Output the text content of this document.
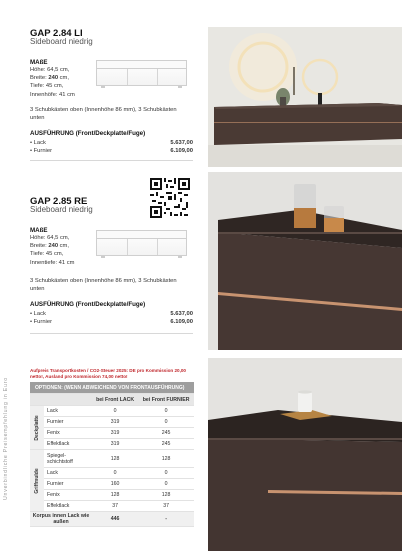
Unverbindliche Preisempfehlung in Euro
GAP 2.84 LI
Sideboard niedrig
MAßE
Höhe: 64,5 cm,
Breite: 240 cm,
Tiefe: 45 cm,
Innenhöfe: 41 cm
3 Schubkästen oben (Innenhöhe 86 mm), 3 Schubkästen unten
AUSFÜHRUNG (Front/Deckplatte/Fuge)
• Lack	5.637,00
• Furnier	6.109,00
GAP 2.85 RE
Sideboard niedrig
MAßE
Höhe: 64,5 cm,
Breite: 240 cm,
Tiefe: 45 cm,
Innentiefe: 41 cm
3 Schubkästen oben (Innenhöhe 86 mm), 3 Schubkästen unten
AUSFÜHRUNG (Front/Deckplatte/Fuge)
• Lack	5.637,00
• Furnier	6.109,00
Aufpreis Transportkosten / CO2-Steuer 2025: DE pro Kommission 20,00 netto!, Ausland pro Kommission 74,00 netto!
OPTIONEN: (WENN ABWEICHEND VON FRONTAUSFÜHRUNG)			
		bei Front LACK	bei Front FURNIER

Deckplatte	Lack	0	0
	Furnier	319	0
	Fenix	319	245
	Effektlack	319	245

Griffmulde	Spiegel-schichtstoff	128	128
	Lack	0	0
	Furnier	160	0
	Fenix	128	128
	Effektlack	37	37
Korpus innen Lack wie außen		446	-
